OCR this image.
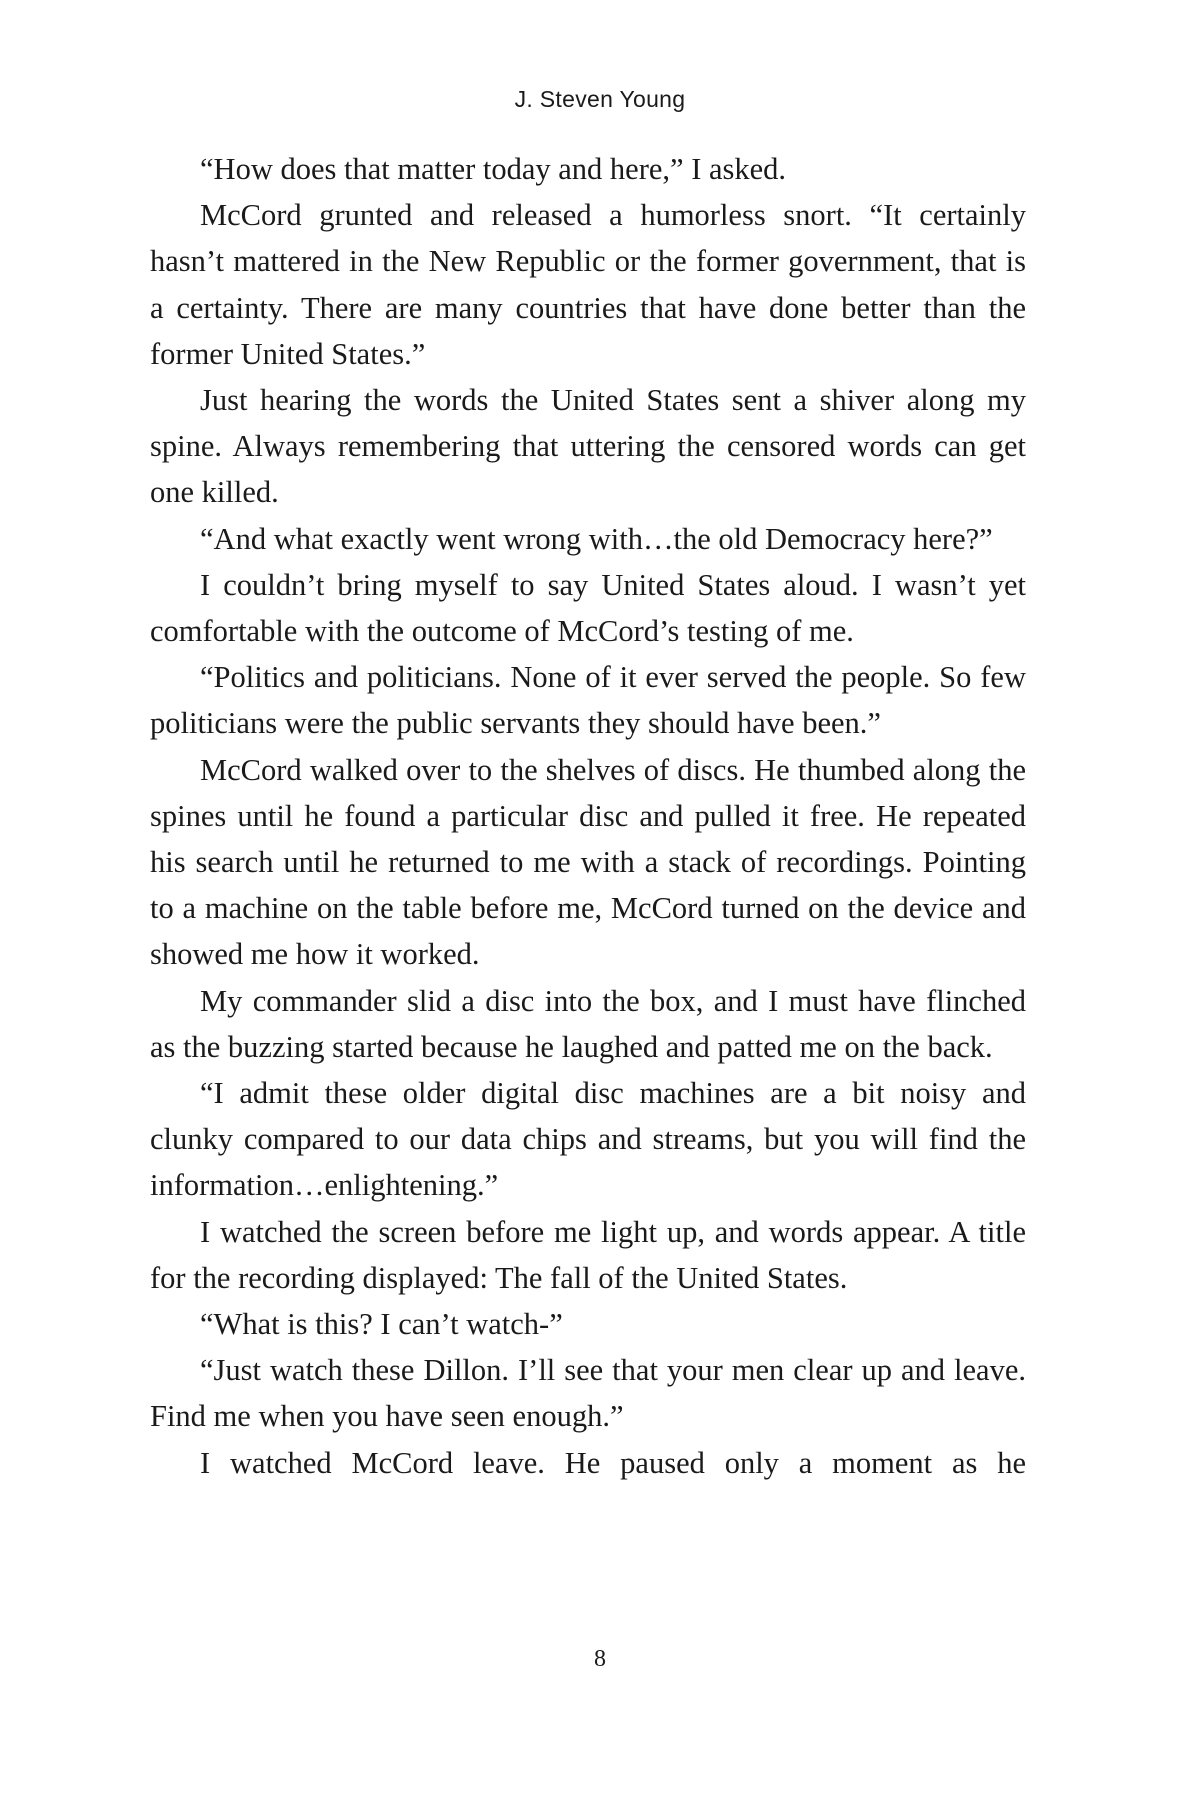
J. Steven Young

“How does that matter today and here,” I asked.

McCord grunted and released a humorless snort. “It certainly hasn’t mattered in the New Republic or the former government, that is a certainty. There are many countries that have done better than the former United States.”

Just hearing the words the United States sent a shiver along my spine. Always remembering that uttering the censored words can get one killed.

“And what exactly went wrong with…the old Democracy here?”

I couldn’t bring myself to say United States aloud. I wasn’t yet comfortable with the outcome of McCord’s testing of me.

“Politics and politicians. None of it ever served the people. So few politicians were the public servants they should have been.”

McCord walked over to the shelves of discs. He thumbed along the spines until he found a particular disc and pulled it free. He repeated his search until he returned to me with a stack of recordings. Pointing to a machine on the table before me, McCord turned on the device and showed me how it worked.

My commander slid a disc into the box, and I must have flinched as the buzzing started because he laughed and patted me on the back.

“I admit these older digital disc machines are a bit noisy and clunky compared to our data chips and streams, but you will find the information…enlightening.”

I watched the screen before me light up, and words appear. A title for the recording displayed: The fall of the United States.

“What is this? I can’t watch-”

“Just watch these Dillon. I’ll see that your men clear up and leave. Find me when you have seen enough.”

I watched McCord leave. He paused only a moment as he

8
